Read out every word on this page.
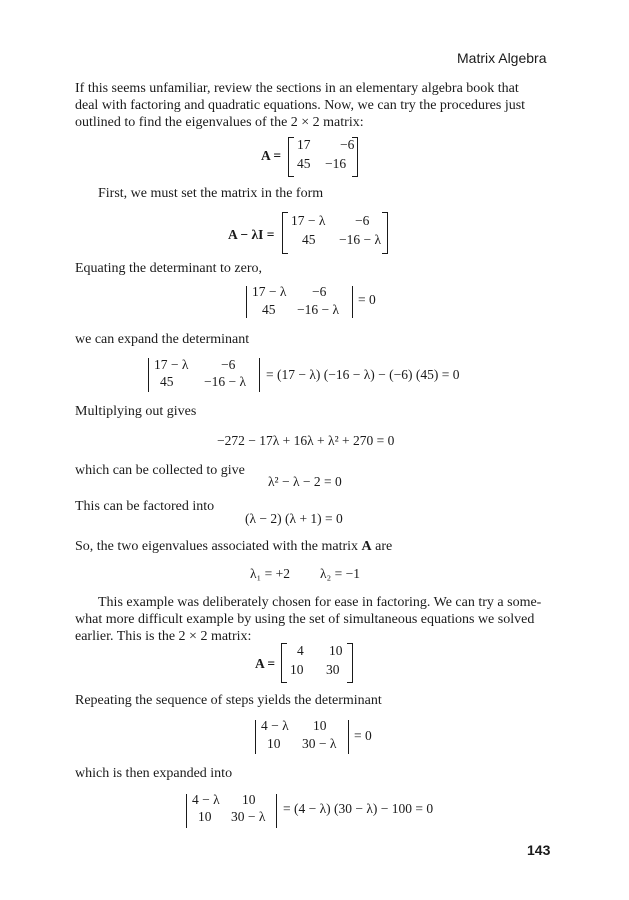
Matrix Algebra
If this seems unfamiliar, review the sections in an elementary algebra book that
deal with factoring and quadratic equations. Now, we can try the procedures just
outlined to find the eigenvalues of the 2 × 2 matrix:
A =
17 −6
45 −16
First, we must set the matrix in the form
A − λI =
17 − λ −6
45 −16 − λ
Equating the determinant to zero,
17 − λ −6
45 −16 − λ
= 0
we can expand the determinant
17 − λ −6
45 −16 − λ = (17 − λ) (−16 − λ) − (−6) (45) = 0
Multiplying out gives
−272 − 17λ + 16λ + λ² + 270 = 0
which can be collected to give
λ² − λ − 2 = 0
This can be factored into
(λ − 2) (λ + 1) = 0
So, the two eigenvalues associated with the matrix A are
λ₁ = +2 λ₂ = −1
This example was deliberately chosen for ease in factoring. We can try a some-
what more difficult example by using the set of simultaneous equations we solved
earlier. This is the 2 × 2 matrix:
A =
4 10
10 30
Repeating the sequence of steps yields the determinant
4 − λ 10
10 30 − λ
= 0
which is then expanded into
4 − λ 10
10 30 − λ
= (4 − λ) (30 − λ) − 100 = 0
143
